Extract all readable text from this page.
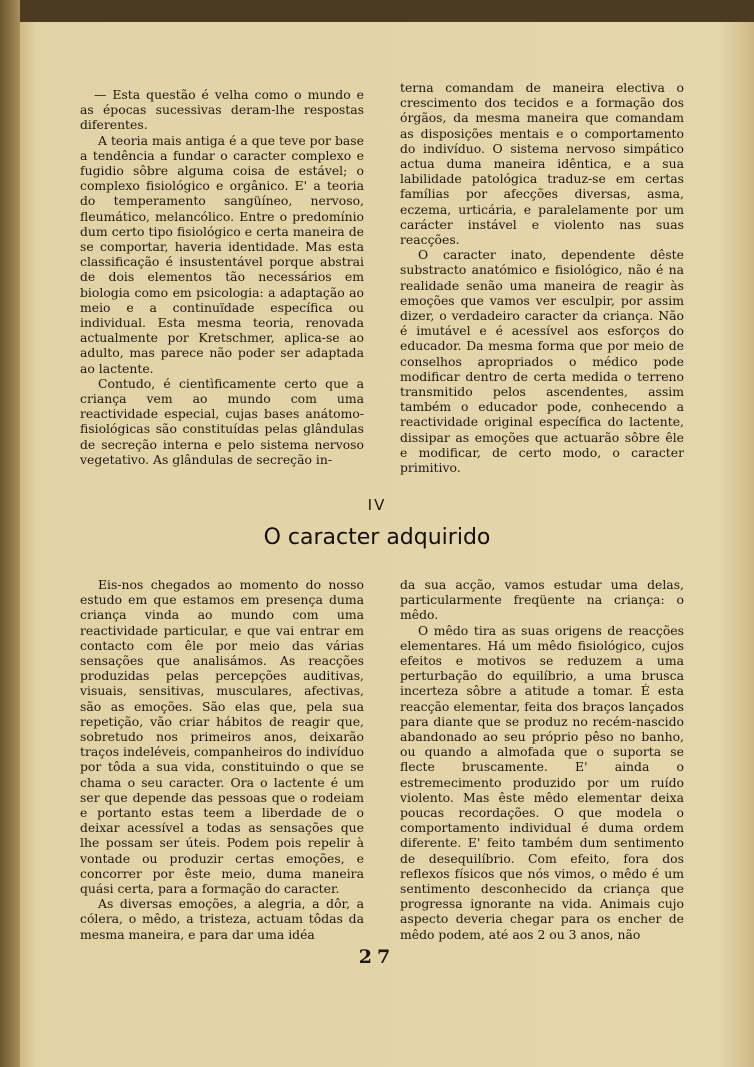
— Esta questão é velha como o mundo e as épocas sucessivas deram-lhe respostas diferentes.

A teoria mais antiga é a que teve por base a tendência a fundar o caracter complexo e fugidio sôbre alguma coisa de estável; o complexo fisiológico e orgânico. E' a teoria do temperamento sangüíneo, nervoso, fleumático, melancólico. Entre o predomínio dum certo tipo fisiológico e certa maneira de se comportar, haveria identidade. Mas esta classificação é insustentável porque abstrai de dois elementos tão necessários em biologia como em psicologia: a adaptação ao meio e a continuïdade específica ou individual. Esta mesma teoria, renovada actualmente por Kretschmer, aplica-se ao adulto, mas parece não poder ser adaptada ao lactente.

Contudo, é cientìficamente certo que a criança vem ao mundo com uma reactividade especial, cujas bases anátomo-fisiológicas são constituídas pelas glândulas de secreção interna e pelo sistema nervoso vegetativo. As glândulas de secreção in-

terna comandam de maneira electiva o crescimento dos tecidos e a formação dos órgãos, da mesma maneira que comandam as disposições mentais e o comportamento do indivíduo. O sistema nervoso simpático actua duma maneira idêntica, e a sua labilidade patológica traduz-se em certas famílias por afecções diversas, asma, eczema, urticária, e paralelamente por um carácter instável e violento nas suas reacções.

O caracter inato, dependente dêste substracto anatómico e fisiológico, não é na realidade senão uma maneira de reagir às emoções que vamos ver esculpir, por assim dizer, o verdadeiro caracter da criança. Não é imutável e é acessível aos esforços do educador. Da mesma forma que por meio de conselhos apropriados o médico pode modificar dentro de certa medida o terreno transmitido pelos ascendentes, assim também o educador pode, conhecendo a reactividade original específica do lactente, dissipar as emoções que actuarão sôbre êle e modificar, de certo modo, o caracter primitivo.

IV
O caracter adquirido

Eis-nos chegados ao momento do nosso estudo em que estamos em presença duma criança vinda ao mundo com uma reactividade particular, e que vai entrar em contacto com êle por meio das várias sensações que analisámos. As reacções produzidas pelas percepções auditivas, visuais, sensitivas, musculares, afectivas, são as emoções. São elas que, pela sua repetição, vão criar hábitos de reagir que, sobretudo nos primeiros anos, deixarão traços indeléveis, companheiros do indivíduo por tôda a sua vida, constituindo o que se chama o seu caracter. Ora o lactente é um ser que depende das pessoas que o rodeiam e portanto estas teem a liberdade de o deixar acessível a todas as sensações que lhe possam ser úteis. Podem pois repelir à vontade ou produzir certas emoções, e concorrer por êste meio, duma maneira quási certa, para a formação do caracter.

As diversas emoções, a alegria, a dôr, a cólera, o mêdo, a tristeza, actuam tôdas da mesma maneira, e para dar uma idéa

da sua acção, vamos estudar uma delas, particularmente freqüente na criança: o mêdo.

O mêdo tira as suas origens de reacções elementares. Há um mêdo fisiológico, cujos efeitos e motivos se reduzem a uma perturbação do equilíbrio, a uma brusca incerteza sôbre a atitude a tomar. É esta reacção elementar, feita dos braços lançados para diante que se produz no recém-nascido abandonado ao seu próprio pêso no banho, ou quando a almofada que o suporta se flecte bruscamente. E' ainda o estremecimento produzido por um ruído violento. Mas êste mêdo elementar deixa poucas recordações. O que modela o comportamento individual é duma ordem diferente. E' feito também dum sentimento de desequilíbrio. Com efeito, fora dos reflexos físicos que nós vimos, o mêdo é um sentimento desconhecido da criança que progressa ignorante na vida. Animais cujo aspecto deveria chegar para os encher de mêdo podem, até aos 2 ou 3 anos, não

27
